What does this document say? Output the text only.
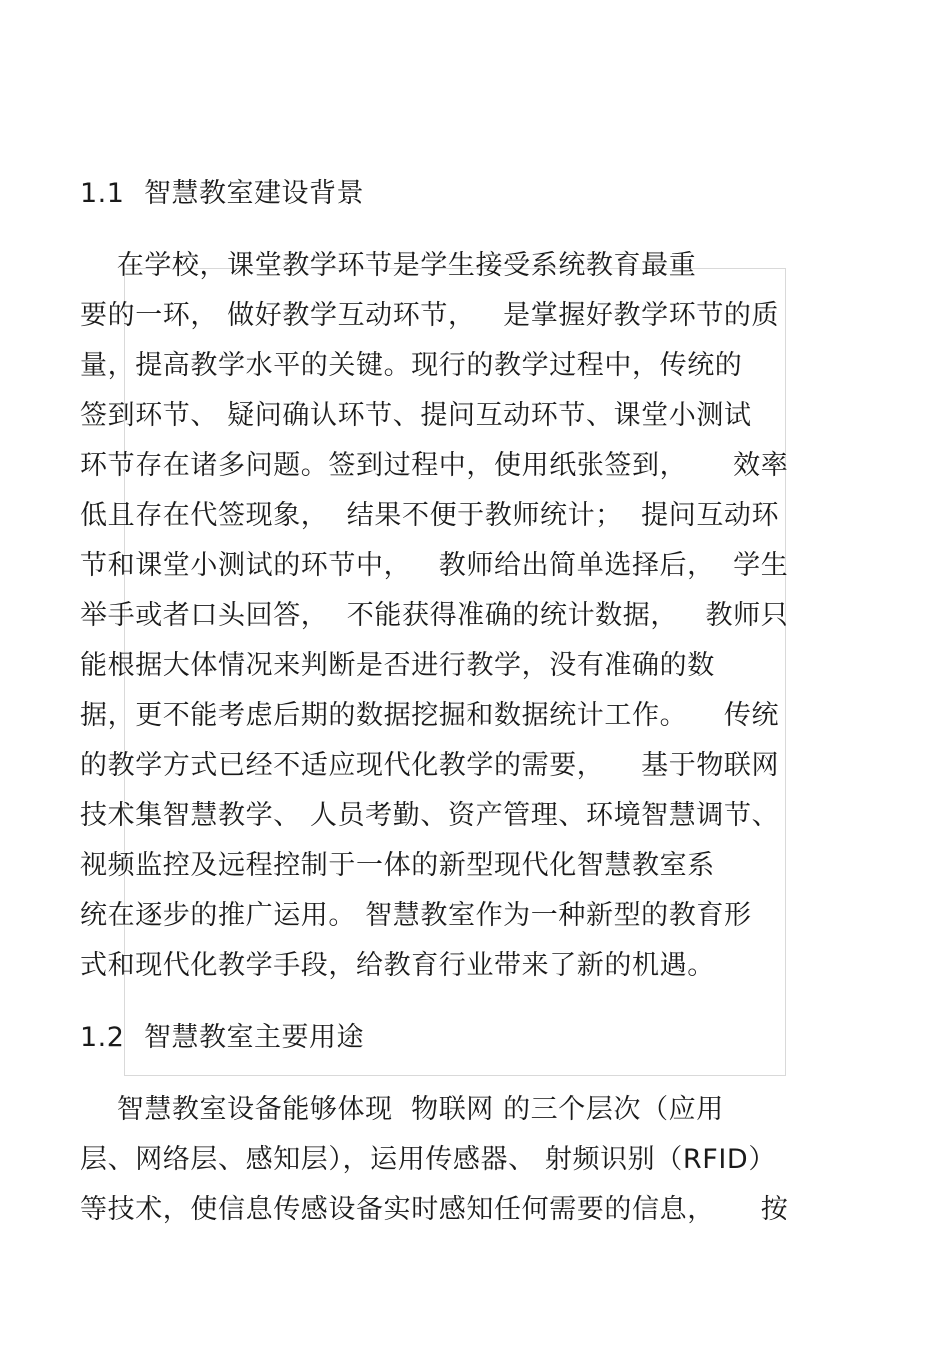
1.1 智慧教室建设背景
在学校，课堂教学环节是学生接受系统教育最重
要的一环， 做好教学互动环节，   是掌握好教学环节的质
量，提高教学水平的关键。现行的教学过程中，传统的
签到环节、 疑问确认环节、提问互动环节、课堂小测试
环节存在诸多问题。签到过程中，使用纸张签到，     效率
低且存在代签现象，  结果不便于教师统计；  提问互动环
节和课堂小测试的环节中，   教师给出简单选择后，  学生
举手或者口头回答，  不能获得准确的统计数据，   教师只
能根据大体情况来判断是否进行教学，没有准确的数
据，更不能考虑后期的数据挖掘和数据统计工作。    传统
的教学方式已经不适应现代化教学的需要，    基于物联网
技术集智慧教学、 人员考勤、资产管理、环境智慧调节、
视频监控及远程控制于一体的新型现代化智慧教室系
统在逐步的推广运用。 智慧教室作为一种新型的教育形
式和现代化教学手段，给教育行业带来了新的机遇。
1.2 智慧教室主要用途
智慧教室设备能够体现  物联网 的三个层次（应用
层、网络层、感知层），运用传感器、 射频识别（RFID）
等技术，使信息传感设备实时感知任何需要的信息，     按
